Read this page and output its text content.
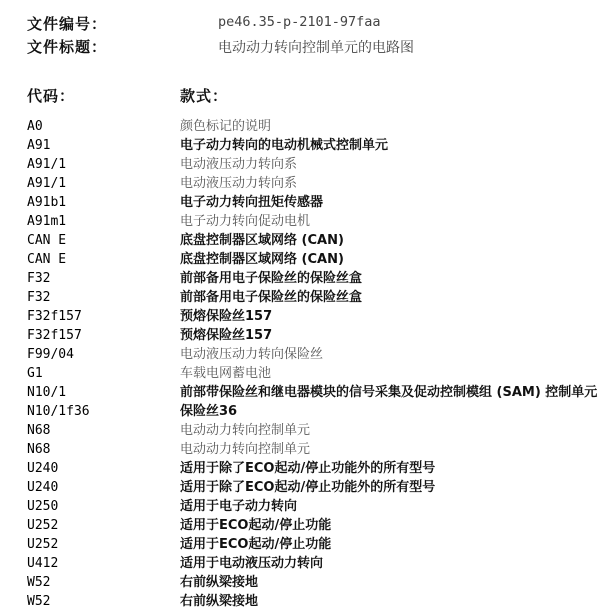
文件编号：	pe46.35-p-2101-97faa
文件标题：	电动动力转向控制单元的电路图
代码：	款式：
A0	颜色标记的说明
A91	电子动力转向的电动机械式控制单元
A91/1	电动液压动力转向系
A91/1	电动液压动力转向系
A91b1	电子动力转向扭矩传感器
A91m1	电子动力转向促动电机
CAN E	底盘控制器区域网络 (CAN)
CAN E	底盘控制器区域网络 (CAN)
F32	前部备用电子保险丝的保险丝盒
F32	前部备用电子保险丝的保险丝盒
F32f157	预熔保险丝157
F32f157	预熔保险丝157
F99/04	电动液压动力转向保险丝
G1	车载电网蓄电池
N10/1	前部带保险丝和继电器模块的信号采集及促动控制模组 (SAM) 控制单元
N10/1f36	保险丝36
N68	电动动力转向控制单元
N68	电动动力转向控制单元
U240	适用于除了ECO起动/停止功能外的所有型号
U240	适用于除了ECO起动/停止功能外的所有型号
U250	适用于电子动力转向
U252	适用于ECO起动/停止功能
U252	适用于ECO起动/停止功能
U412	适用于电动液压动力转向
W52	右前纵梁接地
W52	右前纵梁接地
